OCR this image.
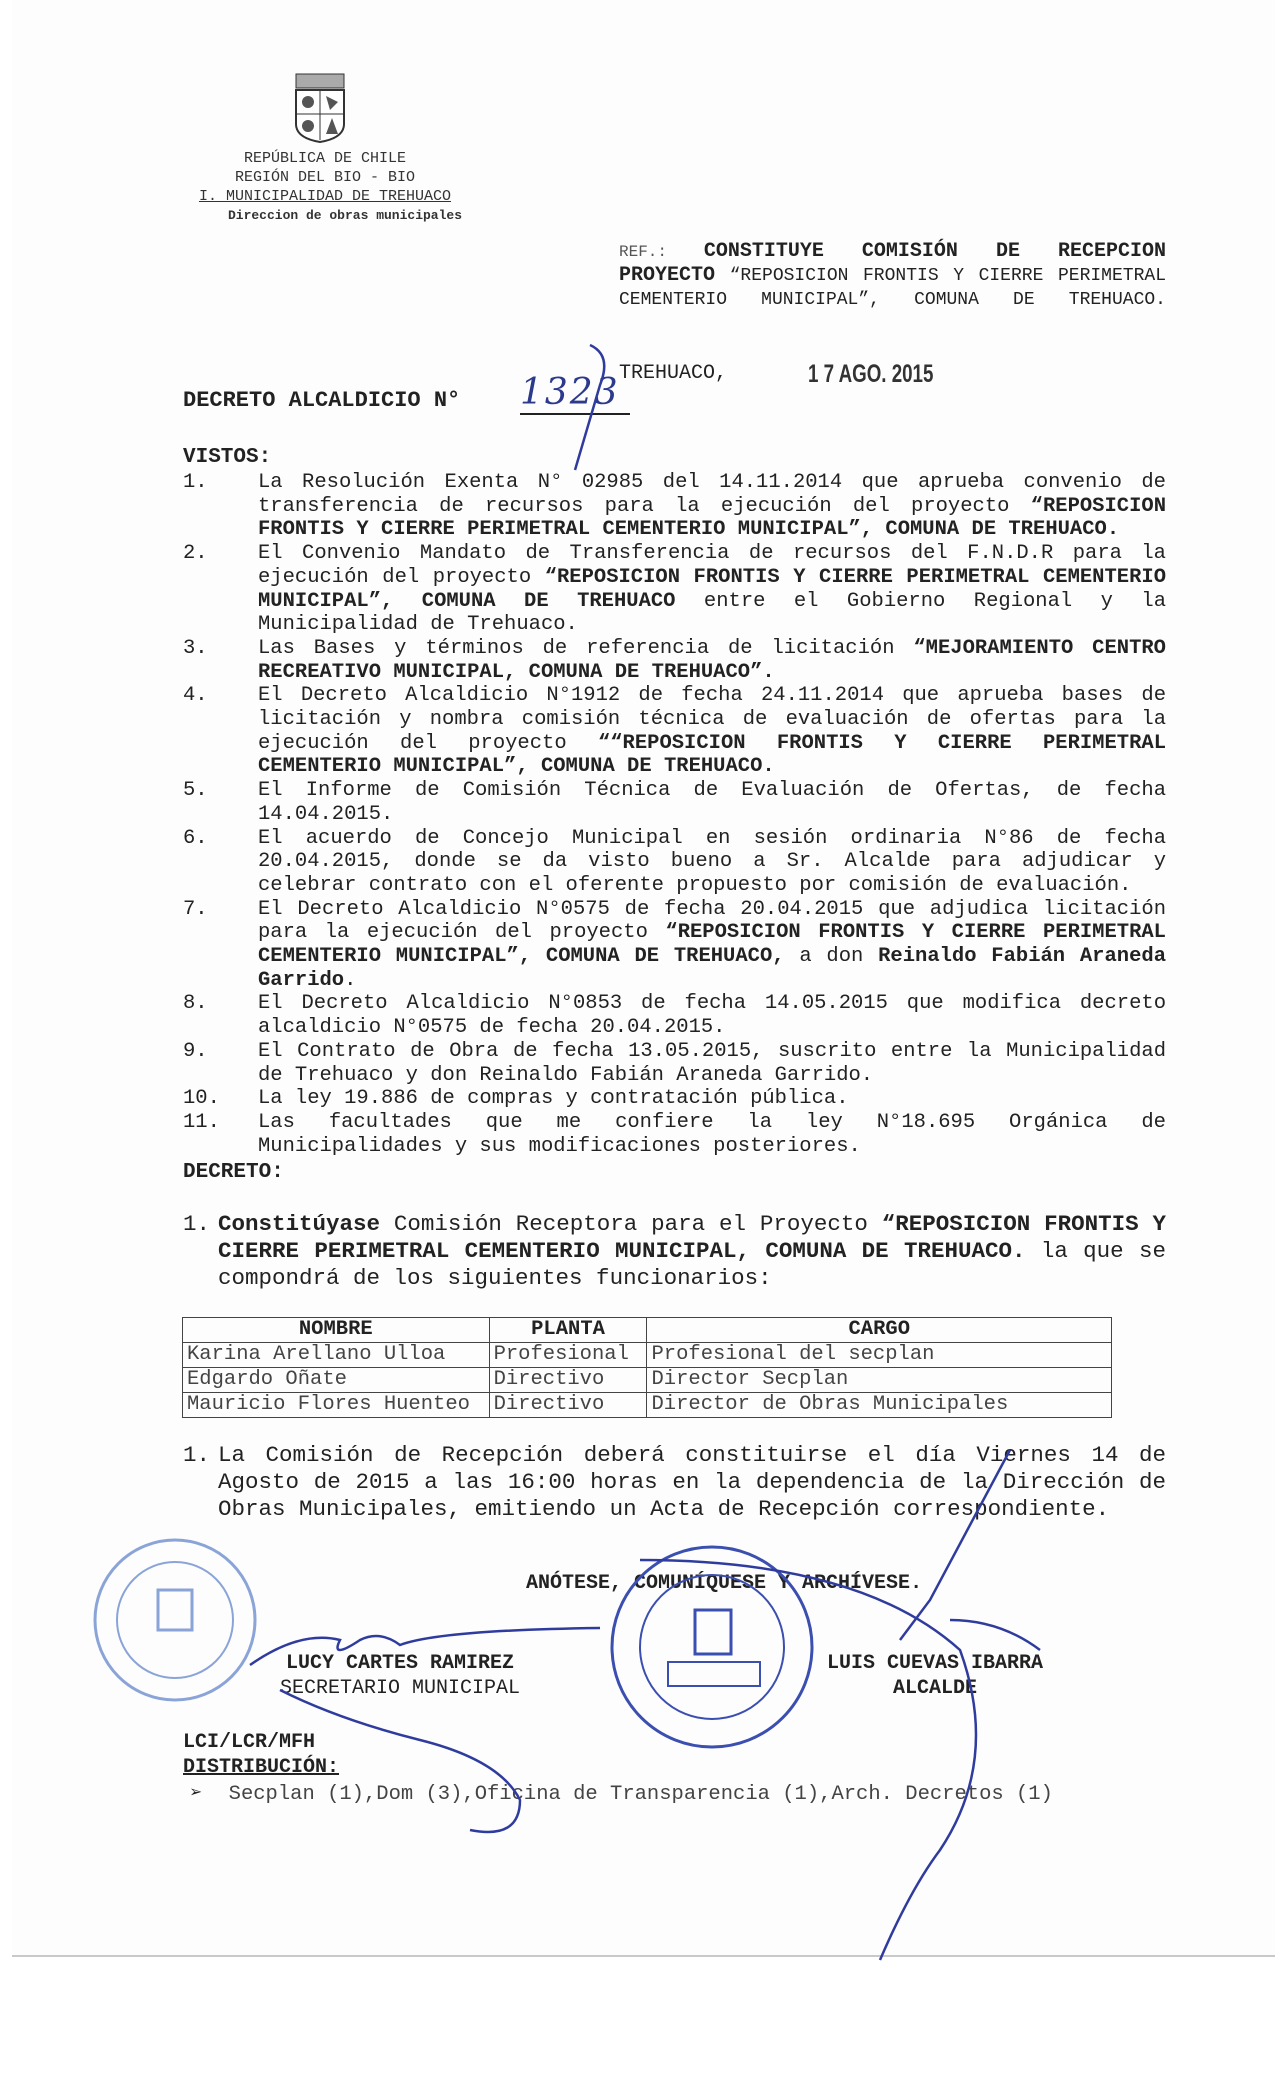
REPÚBLICA DE CHILE
REGIÓN DEL BIO - BIO
I. MUNICIPALIDAD DE TREHUACO
Direccion de obras municipales
REF.: CONSTITUYE COMISIÓN DE RECEPCION PROYECTO “REPOSICION FRONTIS Y CIERRE PERIMETRAL CEMENTERIO MUNICIPAL”, COMUNA DE TREHUACO.
TREHUACO,	1 7 AGO. 2015
DECRETO ALCALDICIO N° 1323
VISTOS:
1.	La Resolución Exenta N° 02985 del 14.11.2014 que aprueba convenio de transferencia de recursos para la ejecución del proyecto “REPOSICION FRONTIS Y CIERRE PERIMETRAL CEMENTERIO MUNICIPAL”, COMUNA DE TREHUACO.
2.	El Convenio Mandato de Transferencia de recursos del F.N.D.R para la ejecución del proyecto “REPOSICION FRONTIS Y CIERRE PERIMETRAL CEMENTERIO MUNICIPAL”, COMUNA DE TREHUACO entre el Gobierno Regional y la Municipalidad de Trehuaco.
3.	Las Bases y términos de referencia de licitación “MEJORAMIENTO CENTRO RECREATIVO MUNICIPAL, COMUNA DE TREHUACO”.
4.	El Decreto Alcaldicio N°1912 de fecha 24.11.2014 que aprueba bases de licitación y nombra comisión técnica de evaluación de ofertas para la ejecución del proyecto ““REPOSICION FRONTIS Y CIERRE PERIMETRAL CEMENTERIO MUNICIPAL”, COMUNA DE TREHUACO.
5.	El Informe de Comisión Técnica de Evaluación de Ofertas, de fecha 14.04.2015.
6.	El acuerdo de Concejo Municipal en sesión ordinaria N°86 de fecha 20.04.2015, donde se da visto bueno a Sr. Alcalde para adjudicar y celebrar contrato con el oferente propuesto por comisión de evaluación.
7.	El Decreto Alcaldicio N°0575 de fecha 20.04.2015 que adjudica licitación para la ejecución del proyecto “REPOSICION FRONTIS Y CIERRE PERIMETRAL CEMENTERIO MUNICIPAL”, COMUNA DE TREHUACO, a don Reinaldo Fabián Araneda Garrido.
8.	El Decreto Alcaldicio N°0853 de fecha 14.05.2015 que modifica decreto alcaldicio N°0575 de fecha 20.04.2015.
9.	El Contrato de Obra de fecha 13.05.2015, suscrito entre la Municipalidad de Trehuaco y don Reinaldo Fabián Araneda Garrido.
10.	La ley 19.886 de compras y contratación pública.
11.	Las facultades que me confiere la ley N°18.695 Orgánica de Municipalidades y sus modificaciones posteriores.
DECRETO:
1. Constitúyase Comisión Receptora para el Proyecto “REPOSICION FRONTIS Y CIERRE PERIMETRAL CEMENTERIO MUNICIPAL, COMUNA DE TREHUACO. la que se compondrá de los siguientes funcionarios:
NOMBRE	PLANTA	CARGO
Karina Arellano Ulloa	Profesional	Profesional del secplan
Edgardo Oñate	Directivo	Director Secplan
Mauricio Flores Huenteo	Directivo	Director de Obras Municipales
1. La Comisión de Recepción deberá constituirse el día Viernes 14 de Agosto de 2015 a las 16:00 horas en la dependencia de la Dirección de Obras Municipales, emitiendo un Acta de Recepción correspondiente.
ANÓTESE, COMUNÍQUESE Y ARCHÍVESE.
LUCY CARTES RAMIREZ
SECRETARIO MUNICIPAL
LUIS CUEVAS IBARRA
ALCALDE
LCI/LCR/MFH
DISTRIBUCIÓN:
➢ Secplan (1),Dom (3),Oficina de Transparencia (1),Arch. Decretos (1)
